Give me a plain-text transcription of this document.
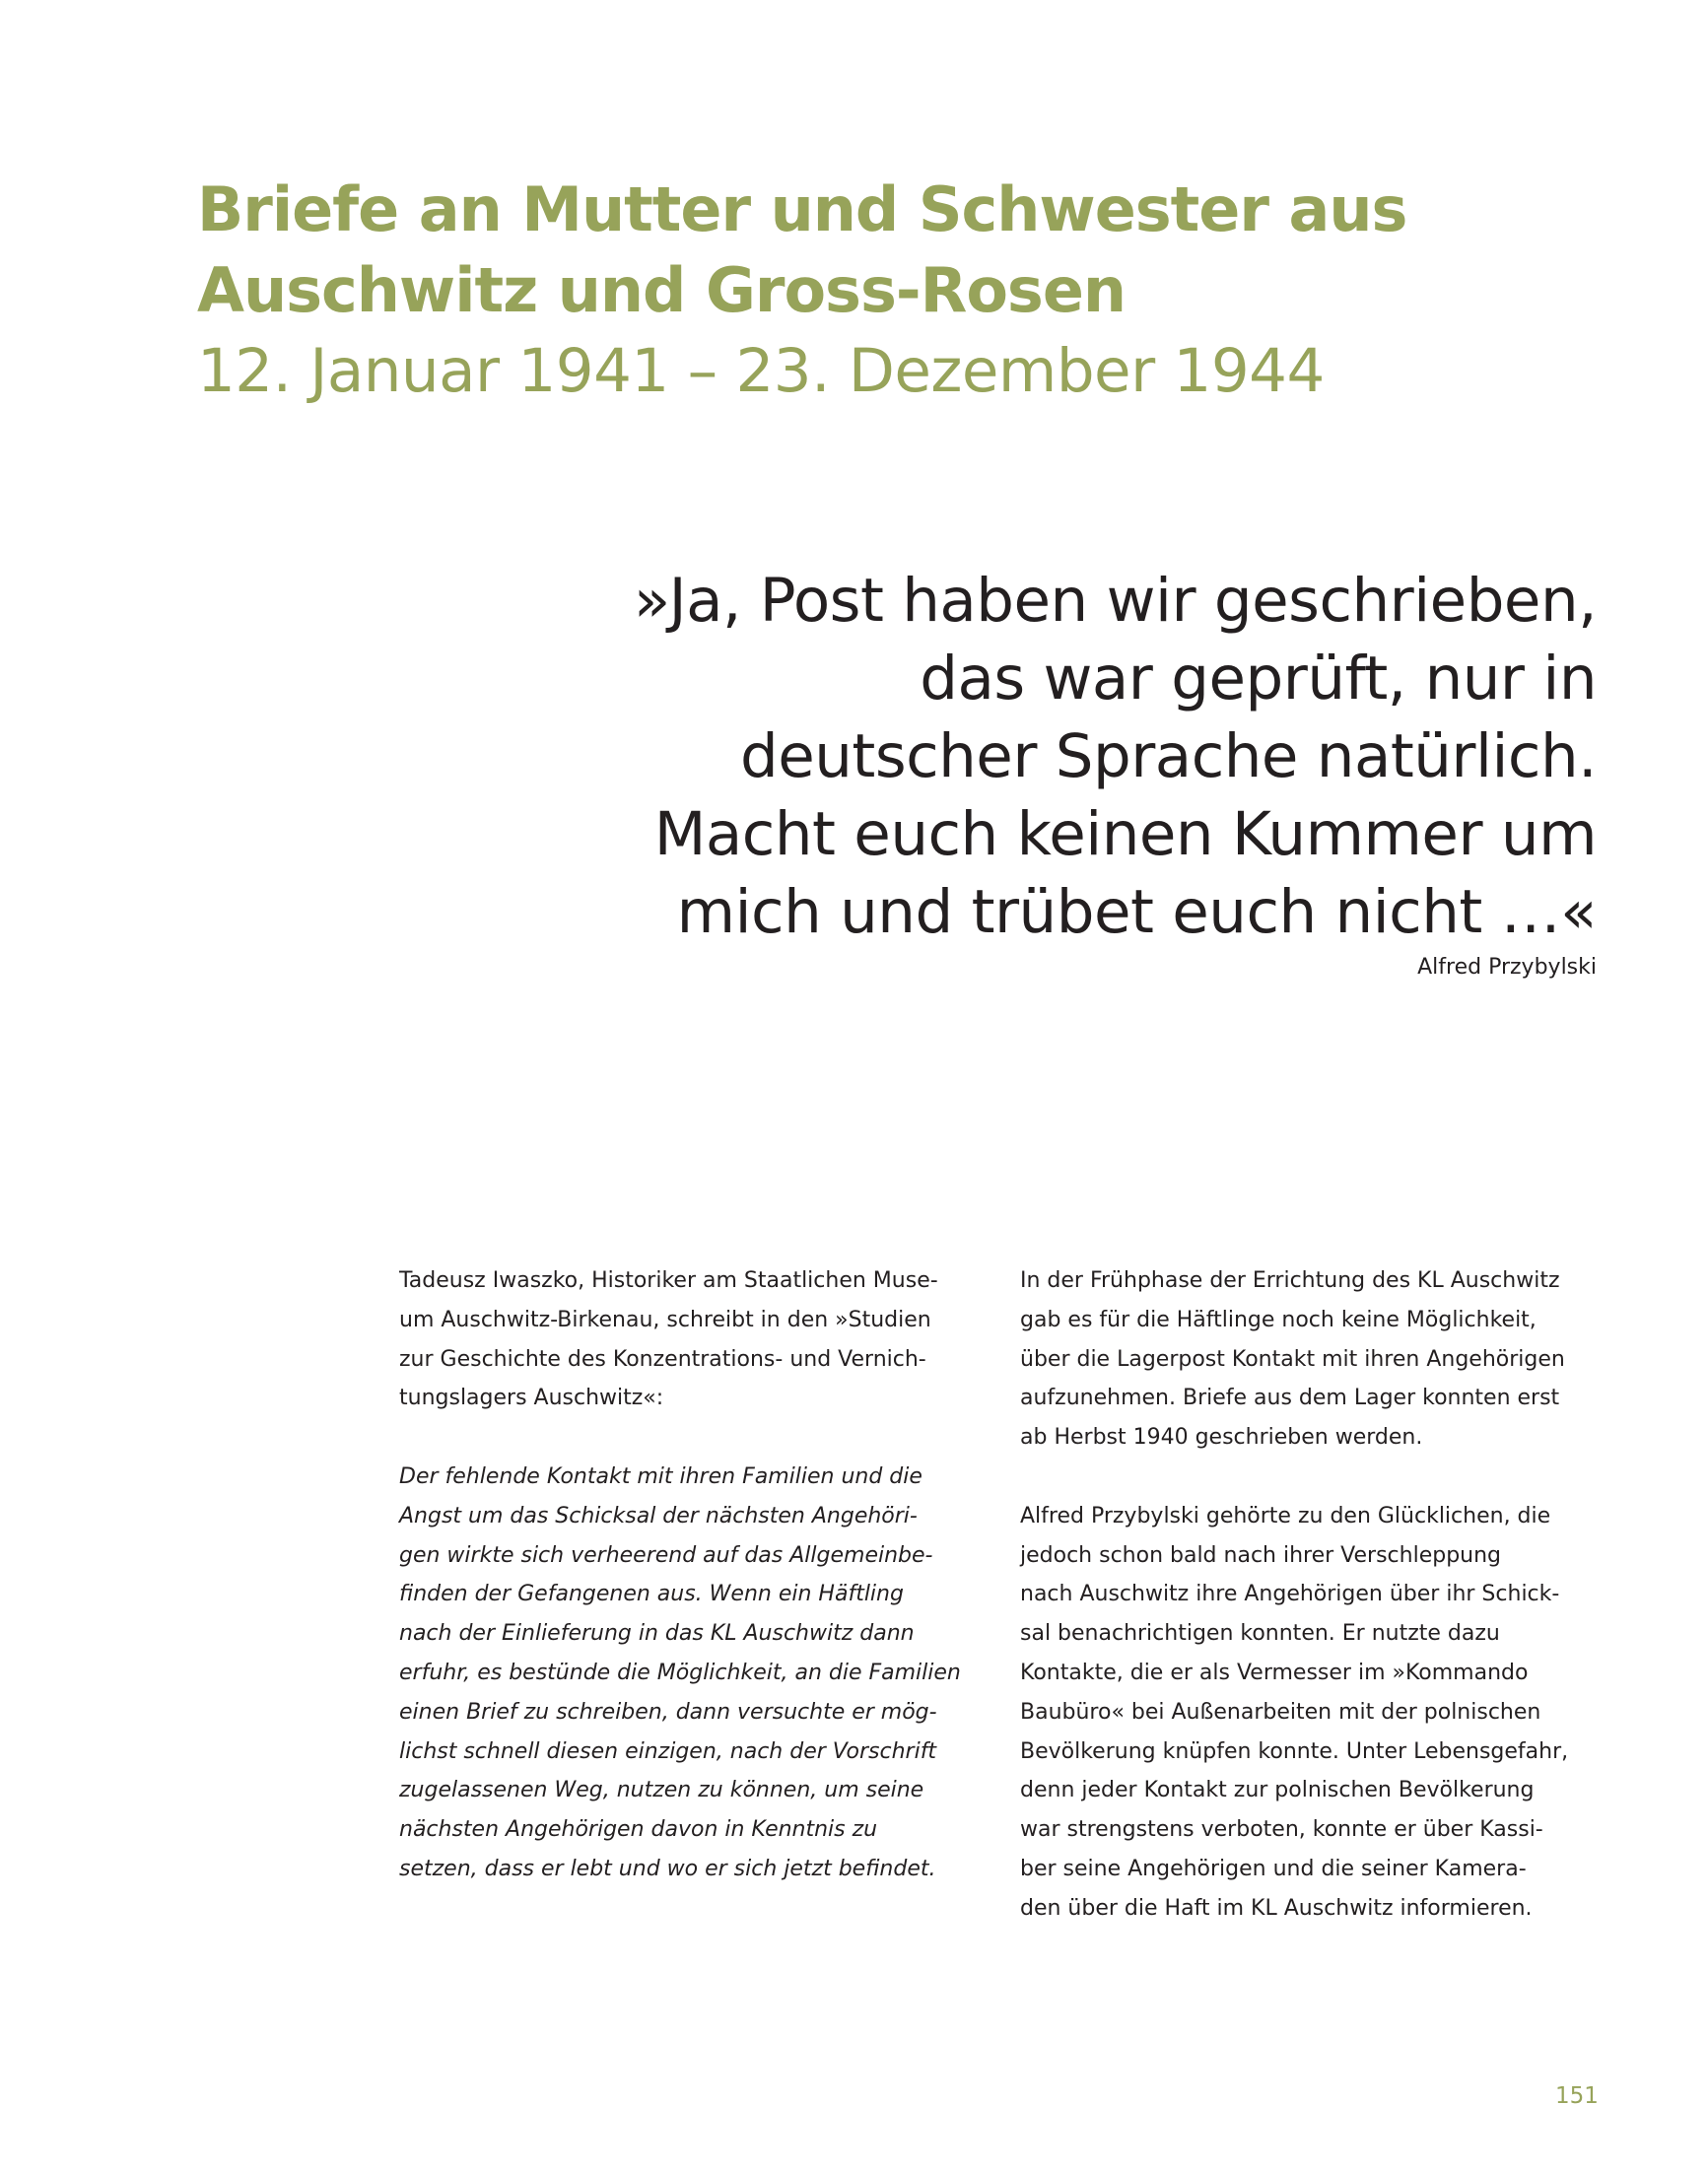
Briefe an Mutter und Schwester aus
Auschwitz und Gross-Rosen
12. Januar 1941 – 23. Dezember 1944
»Ja, Post haben wir geschrieben,
das war geprüft, nur in
deutscher Sprache natürlich.
Macht euch keinen Kummer um
mich und trübet euch nicht …«
Alfred Przybylski
Tadeusz Iwaszko, Historiker am Staatlichen Muse-
um Auschwitz-Birkenau, schreibt in den »Studien
zur Geschichte des Konzentrations- und Vernich-
tungslagers Auschwitz«:
Der fehlende Kontakt mit ihren Familien und die
Angst um das Schicksal der nächsten Angehöri-
gen wirkte sich verheerend auf das Allgemeinbe-
finden der Gefangenen aus. Wenn ein Häftling
nach der Einlieferung in das KL Auschwitz dann
erfuhr, es bestünde die Möglichkeit, an die Familien
einen Brief zu schreiben, dann versuchte er mög-
lichst schnell diesen einzigen, nach der Vorschrift
zugelassenen Weg, nutzen zu können, um seine
nächsten Angehörigen davon in Kenntnis zu
setzen, dass er lebt und wo er sich jetzt befindet.
In der Frühphase der Errichtung des KL Auschwitz
gab es für die Häftlinge noch keine Möglichkeit,
über die Lagerpost Kontakt mit ihren Angehörigen
aufzunehmen. Briefe aus dem Lager konnten erst
ab Herbst 1940 geschrieben werden.
Alfred Przybylski gehörte zu den Glücklichen, die
jedoch schon bald nach ihrer Verschleppung
nach Auschwitz ihre Angehörigen über ihr Schick-
sal benachrichtigen konnten. Er nutzte dazu
Kontakte, die er als Vermesser im »Kommando
Baubüro« bei Außenarbeiten mit der polnischen
Bevölkerung knüpfen konnte. Unter Lebensgefahr,
denn jeder Kontakt zur polnischen Bevölkerung
war strengstens verboten, konnte er über Kassi-
ber seine Angehörigen und die seiner Kamera-
den über die Haft im KL Auschwitz informieren.
151
